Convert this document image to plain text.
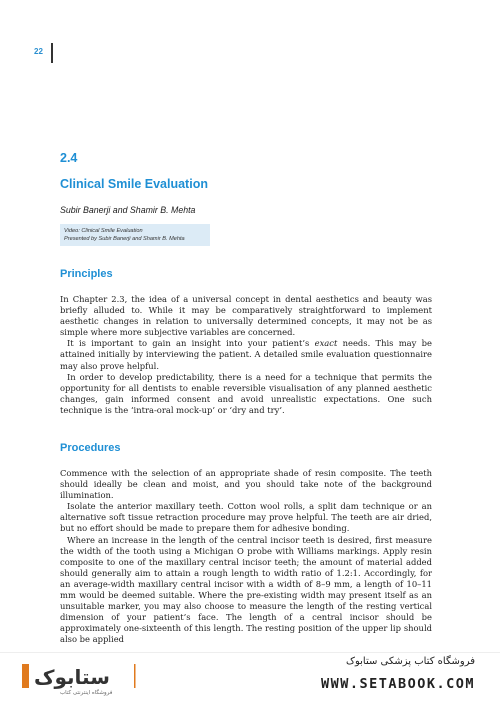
22
2.4
Clinical Smile Evaluation
Subir Banerji and Shamir B. Mehta
Video: Clinical Smile Evaluation
Presented by Subir Banerji and Shamir B. Mehta
Principles

In Chapter 2.3, the idea of a universal concept in dental aesthetics and beauty was briefly alluded to. While it may be comparatively straightforward to implement aesthetic changes in relation to universally determined concepts, it may not be as simple where more subjective variables are concerned.

It is important to gain an insight into your patient’s exact needs. This may be attained initially by interviewing the patient. A detailed smile evaluation questionnaire may also prove helpful.

In order to develop predictability, there is a need for a technique that permits the opportunity for all dentists to enable reversible visualisation of any planned aesthetic changes, gain informed consent and avoid unrealistic expectations. One such technique is the ‘intra-oral mock-up’ or ‘dry and try’.

Procedures

Commence with the selection of an appropriate shade of resin composite. The teeth should ideally be clean and moist, and you should take note of the background illumination.

Isolate the anterior maxillary teeth. Cotton wool rolls, a split dam technique or an alternative soft tissue retraction procedure may prove helpful. The teeth are air dried, but no effort should be made to prepare them for adhesive bonding.

Where an increase in the length of the central incisor teeth is desired, first measure the width of the tooth using a Michigan O probe with Williams markings. Apply resin composite to one of the maxillary central incisor teeth; the amount of material added should generally aim to attain a rough length to width ratio of 1.2:1. Accordingly, for an average-width maxillary central incisor with a width of 8–9 mm, a length of 10–11 mm would be deemed suitable. Where the pre-existing width may present itself as an unsuitable marker, you may also choose to measure the length of the resting vertical dimension of your patient’s face. The length of a central incisor should be approximately one-sixteenth of this length. The resting position of the upper lip should also be applied

ستابوک
فروشگاه اینترنتی کتاب
فروشگاه کتاب پزشکی ستابوک
WWW.SETABOOK.COM
